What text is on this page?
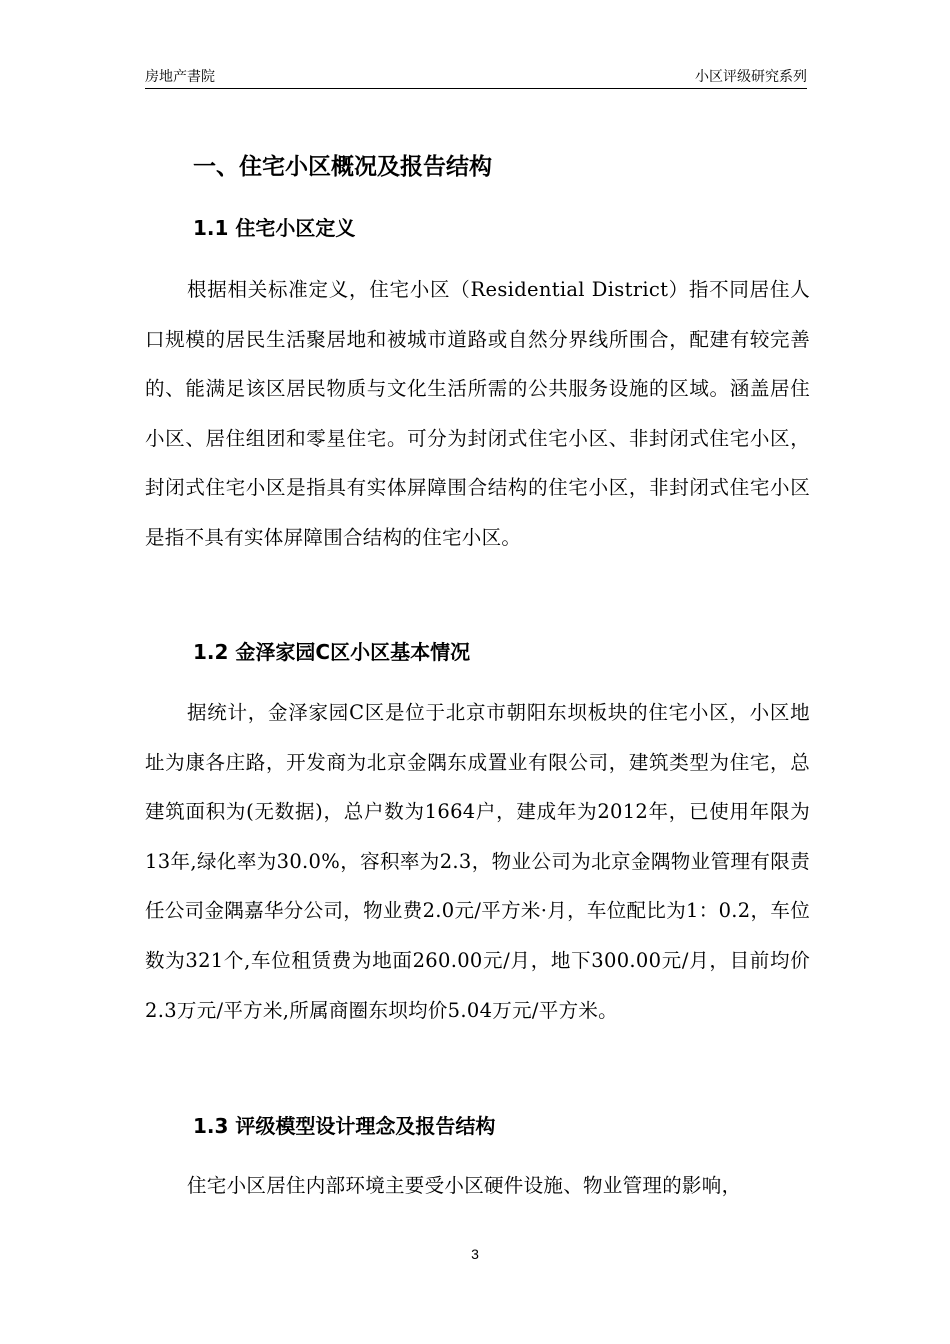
房地产書院	小区评级研究系列
一、住宅小区概况及报告结构
1.1 住宅小区定义
根据相关标准定义，住宅小区（Residential District）指不同居住人口规模的居民生活聚居地和被城市道路或自然分界线所围合，配建有较完善的、能满足该区居民物质与文化生活所需的公共服务设施的区域。涵盖居住小区、居住组团和零星住宅。可分为封闭式住宅小区、非封闭式住宅小区，封闭式住宅小区是指具有实体屏障围合结构的住宅小区，非封闭式住宅小区是指不具有实体屏障围合结构的住宅小区。
1.2 金泽家园C区小区基本情况
据统计，金泽家园C区是位于北京市朝阳东坝板块的住宅小区，小区地址为康各庄路，开发商为北京金隅东成置业有限公司，建筑类型为住宅，总建筑面积为(无数据)，总户数为1664户，建成年为2012年，已使用年限为13年,绿化率为30.0%，容积率为2.3，物业公司为北京金隅物业管理有限责任公司金隅嘉华分公司，物业费2.0元/平方米·月，车位配比为1：0.2，车位数为321个,车位租赁费为地面260.00元/月，地下300.00元/月，目前均价2.3万元/平方米,所属商圈东坝均价5.04万元/平方米。
1.3 评级模型设计理念及报告结构
住宅小区居住内部环境主要受小区硬件设施、物业管理的影响，
3
